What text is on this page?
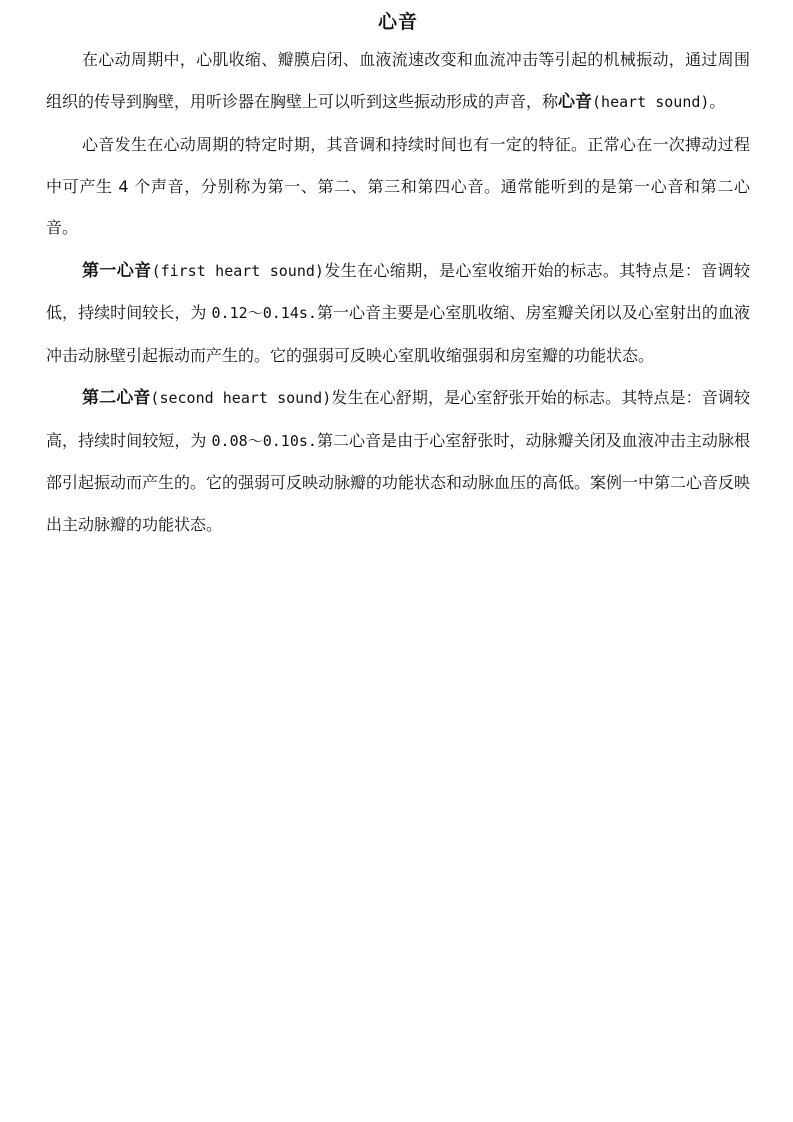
心音

在心动周期中，心肌收缩、瓣膜启闭、血液流速改变和血流冲击等引起的机械振动，通过周围组织的传导到胸壁，用听诊器在胸壁上可以听到这些振动形成的声音，称心音(heart sound)。

心音发生在心动周期的特定时期，其音调和持续时间也有一定的特征。正常心在一次搏动过程中可产生 4 个声音，分别称为第一、第二、第三和第四心音。通常能听到的是第一心音和第二心音。

第一心音(first heart sound)发生在心缩期，是心室收缩开始的标志。其特点是：音调较低，持续时间较长，为 0.12～0.14s.第一心音主要是心室肌收缩、房室瓣关闭以及心室射出的血液冲击动脉壁引起振动而产生的。它的强弱可反映心室肌收缩强弱和房室瓣的功能状态。

第二心音(second heart sound)发生在心舒期，是心室舒张开始的标志。其特点是：音调较高，持续时间较短，为 0.08～0.10s.第二心音是由于心室舒张时，动脉瓣关闭及血液冲击主动脉根部引起振动而产生的。它的强弱可反映动脉瓣的功能状态和动脉血压的高低。案例一中第二心音反映出主动脉瓣的功能状态。
